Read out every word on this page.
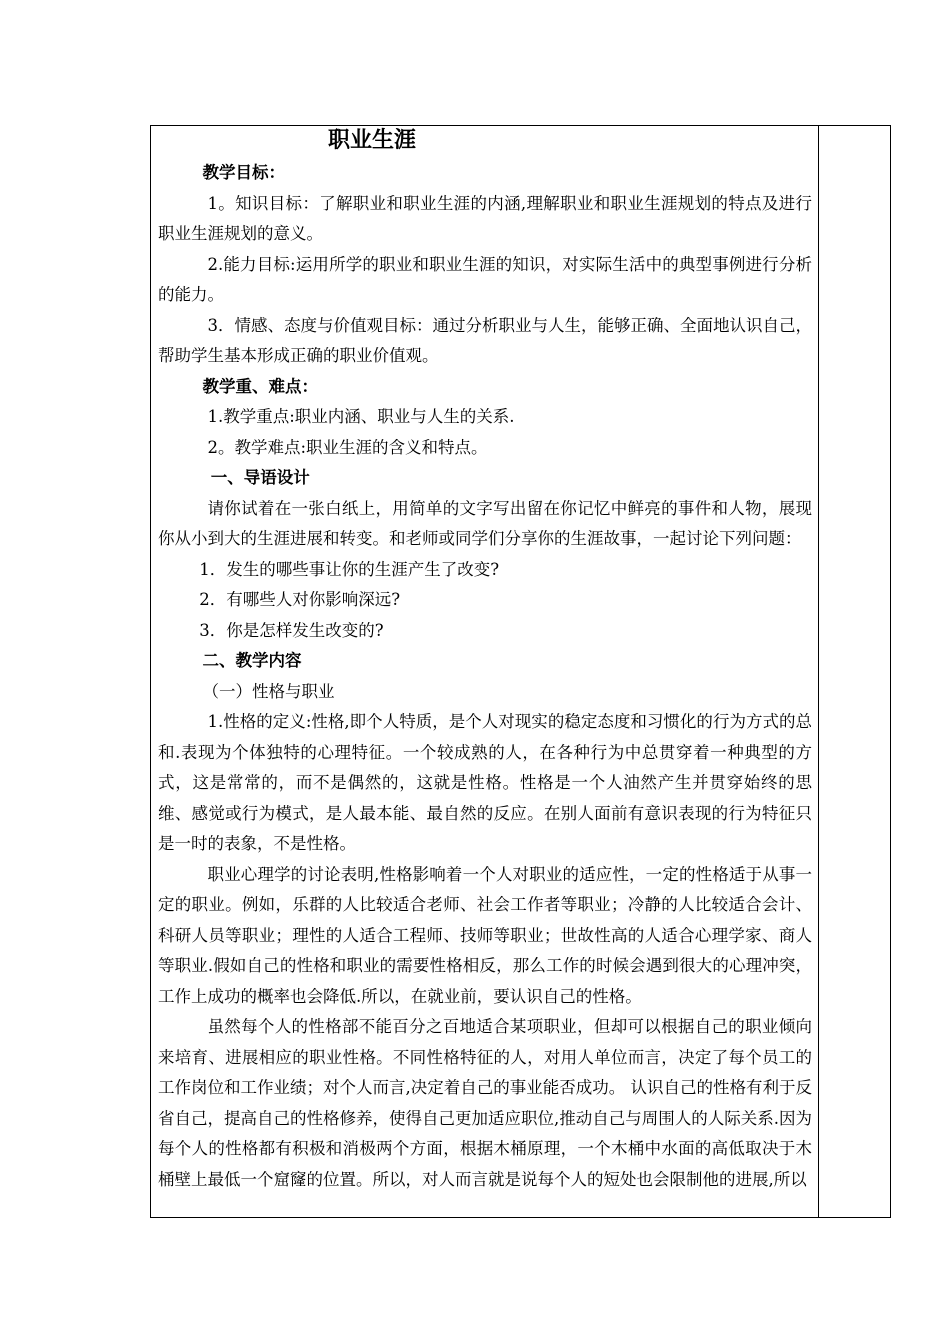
职业生涯

教学目标：

1。知识目标：了解职业和职业生涯的内涵,理解职业和职业生涯规划的特点及进行职业生涯规划的意义。

2.能力目标:运用所学的职业和职业生涯的知识，对实际生活中的典型事例进行分析的能力。

3．情感、态度与价值观目标：通过分析职业与人生，能够正确、全面地认识自己，帮助学生基本形成正确的职业价值观。

教学重、难点：

1.教学重点:职业内涵、职业与人生的关系.

2。教学难点:职业生涯的含义和特点。

一、导语设计

请你试着在一张白纸上，用简单的文字写出留在你记忆中鲜亮的事件和人物，展现你从小到大的生涯进展和转变。和老师或同学们分享你的生涯故事，一起讨论下列问题：

1．发生的哪些事让你的生涯产生了改变?

2．有哪些人对你影响深远?

3．你是怎样发生改变的?

二、教学内容

（一）性格与职业

1.性格的定义:性格,即个人特质，是个人对现实的稳定态度和习惯化的行为方式的总和.表现为个体独特的心理特征。一个较成熟的人，在各种行为中总贯穿着一种典型的方式，这是常常的，而不是偶然的，这就是性格。性格是一个人油然产生并贯穿始终的思维、感觉或行为模式，是人最本能、最自然的反应。在别人面前有意识表现的行为特征只是一时的表象，不是性格。

职业心理学的讨论表明,性格影响着一个人对职业的适应性，一定的性格适于从事一定的职业。例如，乐群的人比较适合老师、社会工作者等职业；冷静的人比较适合会计、科研人员等职业；理性的人适合工程师、技师等职业；世故性高的人适合心理学家、商人等职业.假如自己的性格和职业的需要性格相反，那么工作的时候会遇到很大的心理冲突，工作上成功的概率也会降低.所以，在就业前，要认识自己的性格。

虽然每个人的性格部不能百分之百地适合某项职业，但却可以根据自己的职业倾向来培育、进展相应的职业性格。不同性格特征的人，对用人单位而言，决定了每个员工的工作岗位和工作业绩；对个人而言,决定着自己的事业能否成功。 认识自己的性格有利于反省自己，提高自己的性格修养，使得自己更加适应职位,推动自己与周围人的人际关系.因为每个人的性格都有积极和消极两个方面，根据木桶原理，一个木桶中水面的高低取决于木桶壁上最低一个窟窿的位置。所以，对人而言就是说每个人的短处也会限制他的进展,所以
